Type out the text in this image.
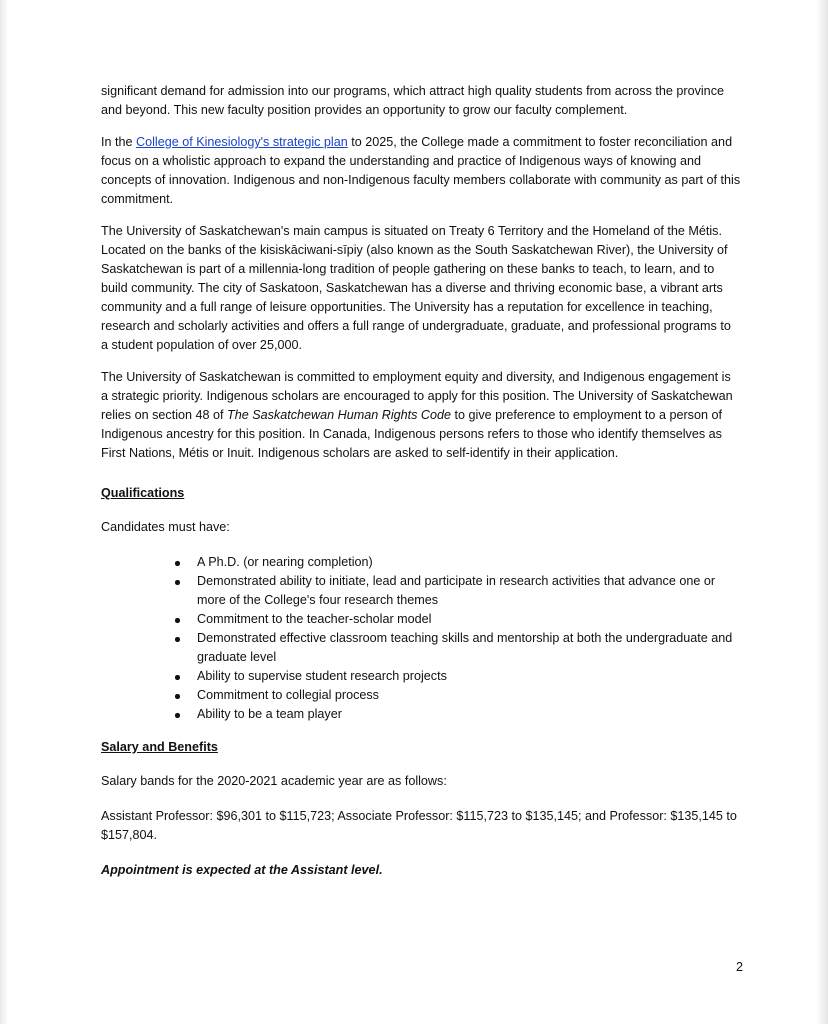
significant demand for admission into our programs, which attract high quality students from across the province and beyond. This new faculty position provides an opportunity to grow our faculty complement.

In the College of Kinesiology's strategic plan to 2025, the College made a commitment to foster reconciliation and focus on a wholistic approach to expand the understanding and practice of Indigenous ways of knowing and concepts of innovation. Indigenous and non-Indigenous faculty members collaborate with community as part of this commitment.

The University of Saskatchewan's main campus is situated on Treaty 6 Territory and the Homeland of the Métis. Located on the banks of the kisiskāciwani-sīpiy (also known as the South Saskatchewan River), the University of Saskatchewan is part of a millennia-long tradition of people gathering on these banks to teach, to learn, and to build community. The city of Saskatoon, Saskatchewan has a diverse and thriving economic base, a vibrant arts community and a full range of leisure opportunities. The University has a reputation for excellence in teaching, research and scholarly activities and offers a full range of undergraduate, graduate, and professional programs to a student population of over 25,000.

The University of Saskatchewan is committed to employment equity and diversity, and Indigenous engagement is a strategic priority. Indigenous scholars are encouraged to apply for this position. The University of Saskatchewan relies on section 48 of The Saskatchewan Human Rights Code to give preference to employment to a person of Indigenous ancestry for this position. In Canada, Indigenous persons refers to those who identify themselves as First Nations, Métis or Inuit. Indigenous scholars are asked to self-identify in their application.

Qualifications

Candidates must have:

A Ph.D. (or nearing completion)
Demonstrated ability to initiate, lead and participate in research activities that advance one or more of the College's four research themes
Commitment to the teacher-scholar model
Demonstrated effective classroom teaching skills and mentorship at both the undergraduate and graduate level
Ability to supervise student research projects
Commitment to collegial process
Ability to be a team player

Salary and Benefits

Salary bands for the 2020-2021 academic year are as follows:

Assistant Professor: $96,301 to $115,723; Associate Professor: $115,723 to $135,145; and Professor: $135,145 to $157,804.

Appointment is expected at the Assistant level.

2
